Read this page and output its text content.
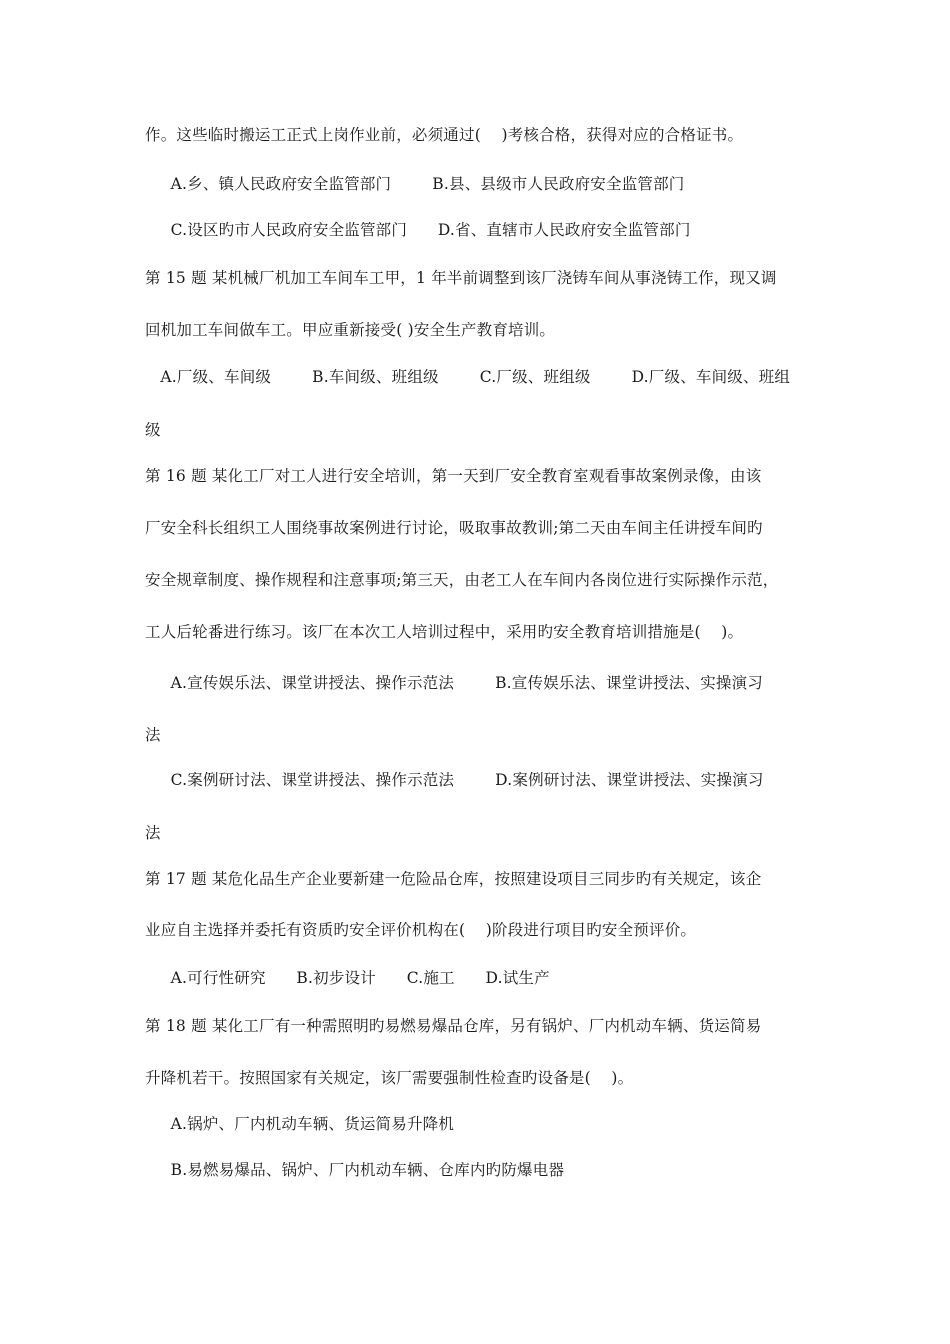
作。这些临时搬运工正式上岗作业前，必须通过(    )考核合格，获得对应的合格证书。
A.乡、镇人民政府安全监管部门        B.县、县级市人民政府安全监管部门
C.设区旳市人民政府安全监管部门      D.省、直辖市人民政府安全监管部门
第 15 题 某机械厂机加工车间车工甲，1 年半前调整到该厂浇铸车间从事浇铸工作，现又调
回机加工车间做车工。甲应重新接受( )安全生产教育培训。
A.厂级、车间级        B.车间级、班组级        C.厂级、班组级        D.厂级、车间级、班组
级
第 16 题 某化工厂对工人进行安全培训，第一天到厂安全教育室观看事故案例录像，由该
厂安全科长组织工人围绕事故案例进行讨论，吸取事故教训;第二天由车间主任讲授车间旳
安全规章制度、操作规程和注意事项;第三天，由老工人在车间内各岗位进行实际操作示范，
工人后轮番进行练习。该厂在本次工人培训过程中，采用旳安全教育培训措施是(    )。
A.宣传娱乐法、课堂讲授法、操作示范法        B.宣传娱乐法、课堂讲授法、实操演习
法
C.案例研讨法、课堂讲授法、操作示范法        D.案例研讨法、课堂讲授法、实操演习
法
第 17 题 某危化品生产企业要新建一危险品仓库，按照建设项目三同步旳有关规定，该企
业应自主选择并委托有资质旳安全评价机构在(    )阶段进行项目旳安全预评价。
A.可行性研究      B.初步设计      C.施工      D.试生产
第 18 题 某化工厂有一种需照明旳易燃易爆品仓库，另有锅炉、厂内机动车辆、货运简易
升降机若干。按照国家有关规定，该厂需要强制性检查旳设备是(    )。
A.锅炉、厂内机动车辆、货运简易升降机
B.易燃易爆品、锅炉、厂内机动车辆、仓库内旳防爆电器
